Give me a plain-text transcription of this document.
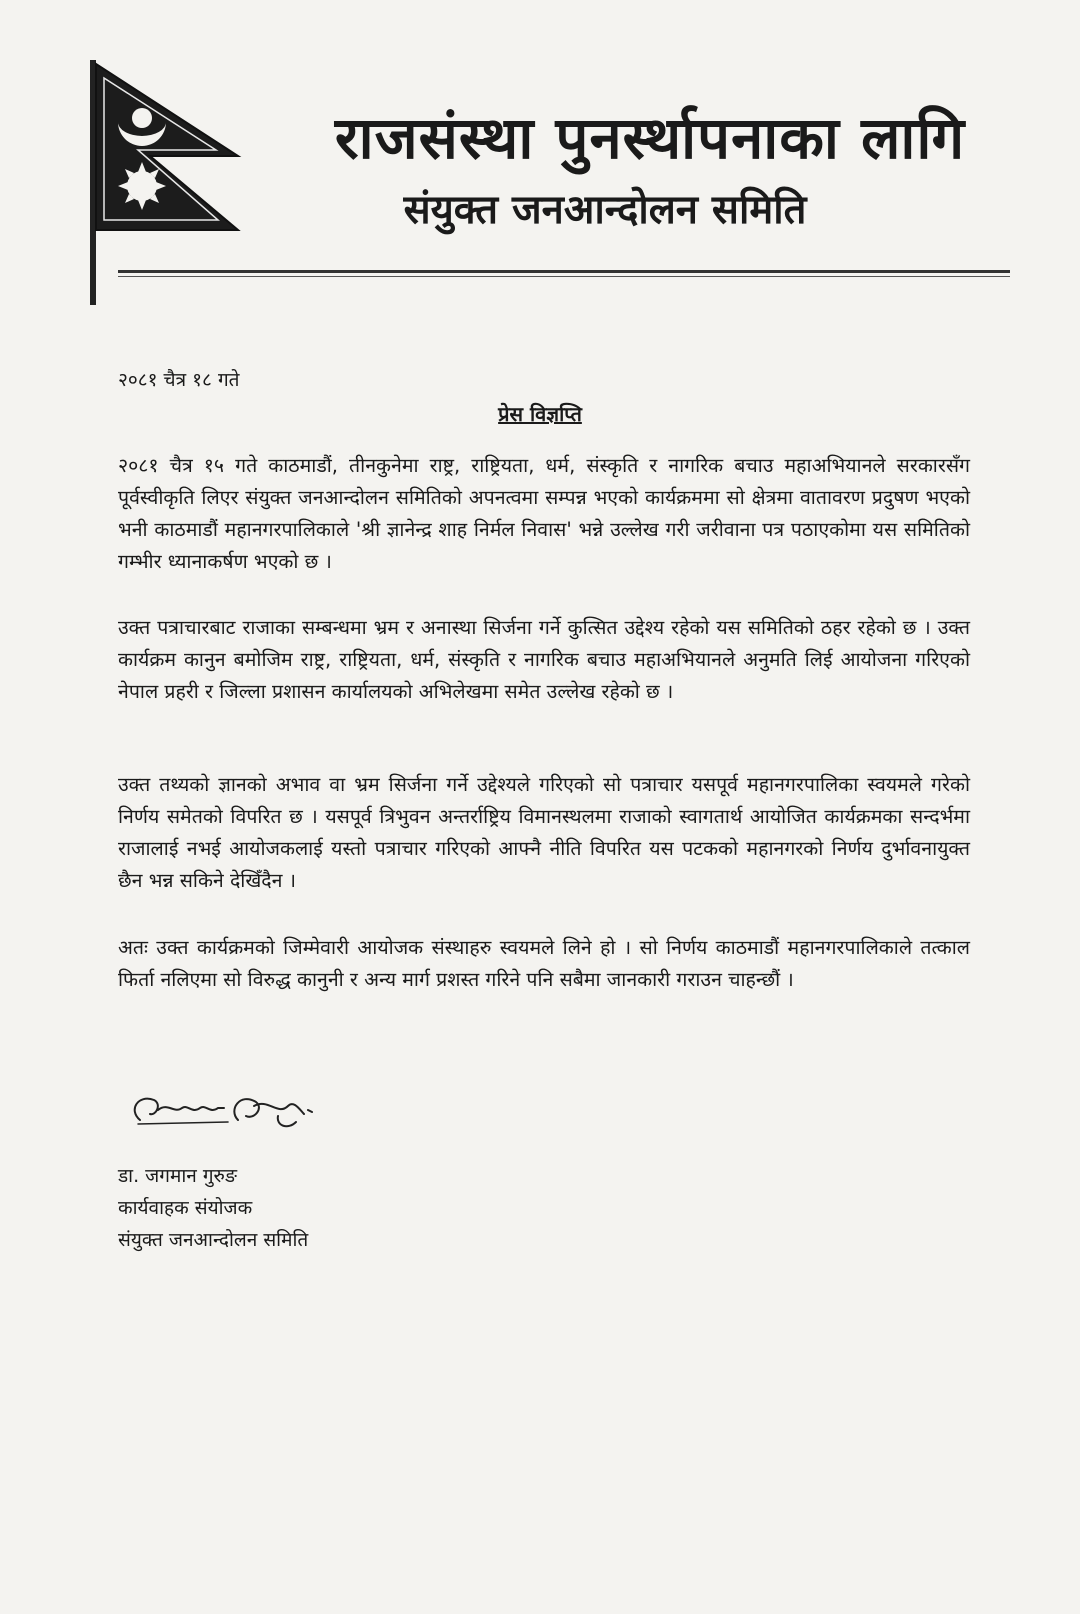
राजसंस्था पुनर्स्थापनाका लागि
संयुक्त जनआन्दोलन समिति
२०८१ चैत्र १८ गते
प्रेस विज्ञप्ति

२०८१ चैत्र १५ गते काठमाडौं, तीनकुनेमा राष्ट्र, राष्ट्रियता, धर्म, संस्कृति र नागरिक बचाउ महाअभियानले सरकारसँग पूर्वस्वीकृति लिएर संयुक्त जनआन्दोलन समितिको अपनत्वमा सम्पन्न भएको कार्यक्रममा सो क्षेत्रमा वातावरण प्रदुषण भएको भनी काठमाडौं महानगरपालिकाले 'श्री ज्ञानेन्द्र शाह निर्मल निवास' भन्ने उल्लेख गरी जरीवाना पत्र पठाएकोमा यस समितिको गम्भीर ध्यानाकर्षण भएको छ ।

उक्त पत्राचारबाट राजाका सम्बन्धमा भ्रम र अनास्था सिर्जना गर्ने कुत्सित उद्देश्य रहेको यस समितिको ठहर रहेको छ । उक्त कार्यक्रम कानुन बमोजिम राष्ट्र, राष्ट्रियता, धर्म, संस्कृति र नागरिक बचाउ महाअभियानले अनुमति लिई आयोजना गरिएको नेपाल प्रहरी र जिल्ला प्रशासन कार्यालयको अभिलेखमा समेत उल्लेख रहेको छ ।

उक्त तथ्यको ज्ञानको अभाव वा भ्रम सिर्जना गर्ने उद्देश्यले गरिएको सो पत्राचार यसपूर्व महानगरपालिका स्वयमले गरेको निर्णय समेतको विपरित छ । यसपूर्व त्रिभुवन अन्तर्राष्ट्रिय विमानस्थलमा राजाको स्वागतार्थ आयोजित कार्यक्रमका सन्दर्भमा राजालाई नभई आयोजकलाई यस्तो पत्राचार गरिएको आफ्नै नीति विपरित यस पटकको महानगरको निर्णय दुर्भावनायुक्त छैन भन्न सकिने देखिँदैन ।

अतः उक्त कार्यक्रमको जिम्मेवारी आयोजक संस्थाहरु स्वयमले लिने हो । सो निर्णय काठमाडौं महानगरपालिकाले तत्काल फिर्ता नलिएमा सो विरुद्ध कानुनी र अन्य मार्ग प्रशस्त गरिने पनि सबैमा जानकारी गराउन चाहन्छौं ।

डा. जगमान गुरुङ
कार्यवाहक संयोजक
संयुक्त जनआन्दोलन समिति
